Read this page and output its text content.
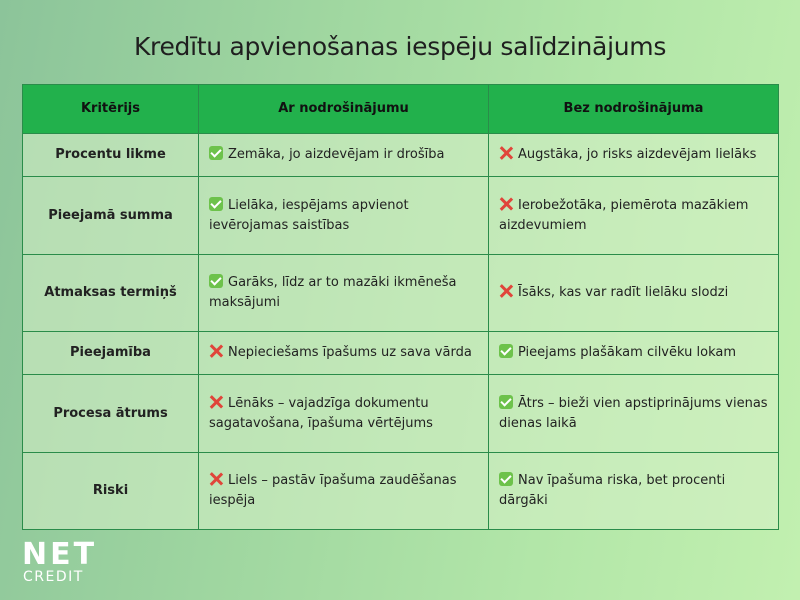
Kredītu apvienošanas iespēju salīdzinājums
Kritērijs	Ar nodrošinājumu	Bez nodrošinājuma
Procentu likme	Zemāka, jo aizdevējam ir drošība	Augstāka, jo risks aizdevējam lielāks
Pieejamā summa	Lielāka, iespējams apvienot ievērojamas saistības	Ierobežotāka, piemērota mazākiem aizdevumiem
Atmaksas termiņš	Garāks, līdz ar to mazāki ikmēneša maksājumi	Īsāks, kas var radīt lielāku slodzi
Pieejamība	Nepieciešams īpašums uz sava vārda	Pieejams plašākam cilvēku lokam
Procesa ātrums	Lēnāks – vajadzīga dokumentu sagatavošana, īpašuma vērtējums	Ātrs – bieži vien apstiprinājums vienas dienas laikā
Riski	Liels – pastāv īpašuma zaudēšanas iespēja	Nav īpašuma riska, bet procenti dārgāki
NET
CREDIT
